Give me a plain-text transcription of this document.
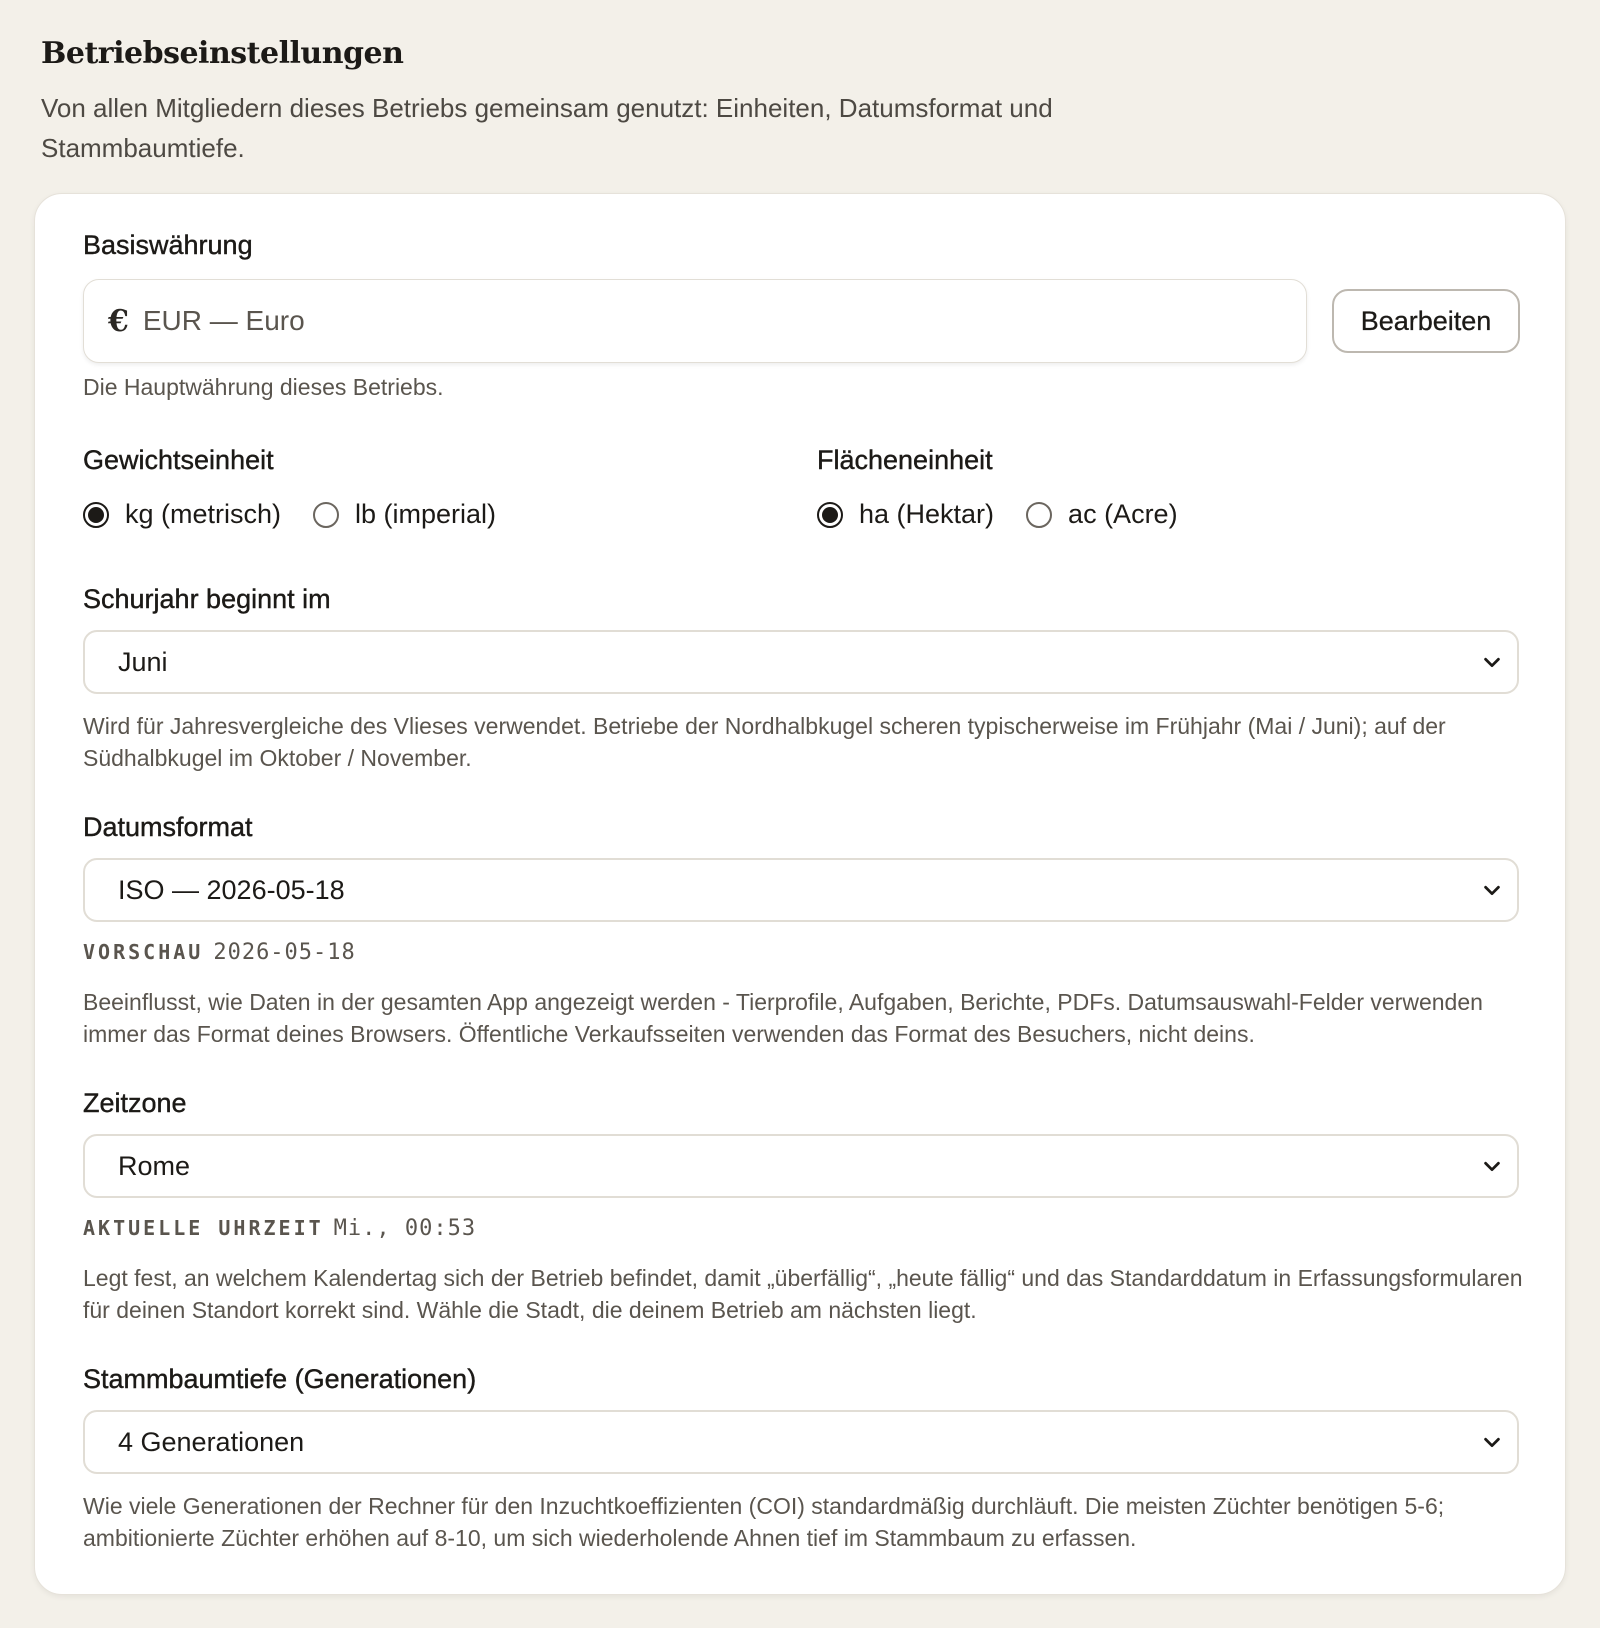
Betriebseinstellungen

Von allen Mitgliedern dieses Betriebs gemeinsam genutzt: Einheiten, Datumsformat und Stammbaumtiefe.

Basiswährung
€ EUR — Euro	Bearbeiten
Die Hauptwährung dieses Betriebs.
Gewichtseinheit
kg (metrisch)	lb (imperial)
Flächeneinheit
ha (Hektar)	ac (Acre)
Schurjahr beginnt im
Juni
Wird für Jahresvergleiche des Vlieses verwendet. Betriebe der Nordhalbkugel scheren typischerweise im Frühjahr (Mai / Juni); auf der Südhalbkugel im Oktober / November.
Datumsformat
ISO — 2026-05-18
VORSCHAU 2026-05-18
Beeinflusst, wie Daten in der gesamten App angezeigt werden - Tierprofile, Aufgaben, Berichte, PDFs. Datumsauswahl-Felder verwenden immer das Format deines Browsers. Öffentliche Verkaufsseiten verwenden das Format des Besuchers, nicht deins.
Zeitzone
Rome
AKTUELLE UHRZEIT Mi., 00:53
Legt fest, an welchem Kalendertag sich der Betrieb befindet, damit „überfällig“, „heute fällig“ und das Standarddatum in Erfassungsformularen für deinen Standort korrekt sind. Wähle die Stadt, die deinem Betrieb am nächsten liegt.
Stammbaumtiefe (Generationen)
4 Generationen
Wie viele Generationen der Rechner für den Inzuchtkoeffizienten (COI) standardmäßig durchläuft. Die meisten Züchter benötigen 5-6; ambitionierte Züchter erhöhen auf 8-10, um sich wiederholende Ahnen tief im Stammbaum zu erfassen.
